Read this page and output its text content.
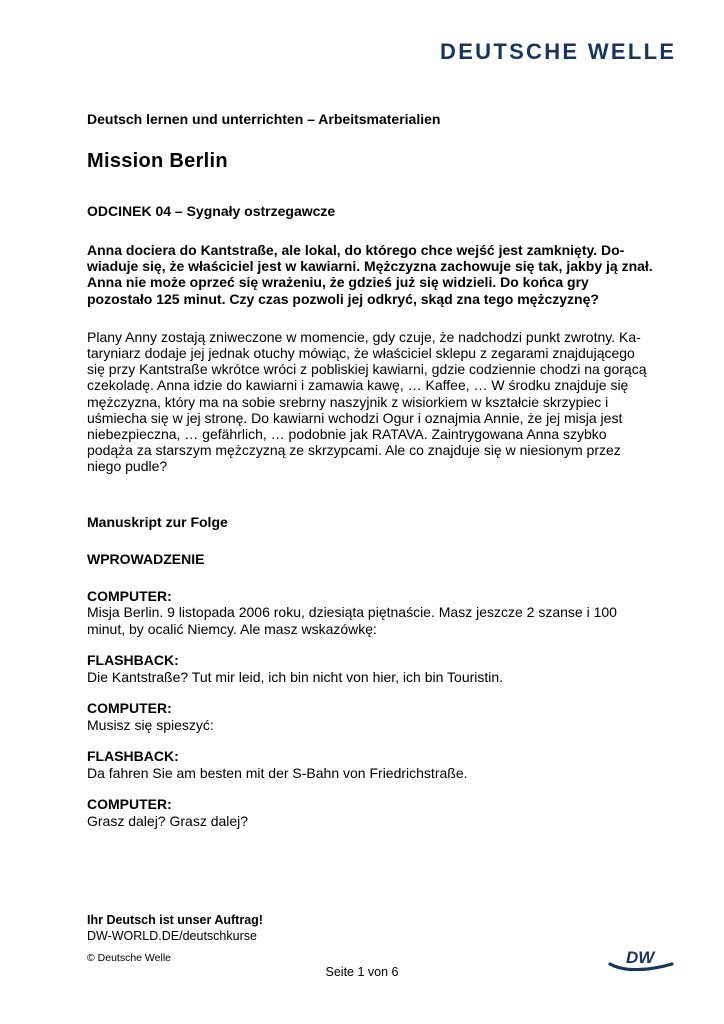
DEUTSCHE WELLE

Deutsch lernen und unterrichten – Arbeitsmaterialien

Mission Berlin

ODCINEK 04 – Sygnały ostrzegawcze

Anna dociera do Kantstraße, ale lokal, do którego chce wejść jest zamknięty. Do-wiaduje się, że właściciel jest w kawiarni. Mężczyzna zachowuje się tak, jakby ją znał. Anna nie może oprzeć się wrażeniu, że gdzieś już się widzieli. Do końca gry pozostało 125 minut. Czy czas pozwoli jej odkryć, skąd zna tego mężczyznę?

Plany Anny zostają zniweczone w momencie, gdy czuje, że nadchodzi punkt zwrotny. Ka-taryniarz dodaje jej jednak otuchy mówiąc, że właściciel sklepu z zegarami znajdującego się przy Kantstraße wkrótce wróci z pobliskiej kawiarni, gdzie codziennie chodzi na gorącą czekoladę. Anna idzie do kawiarni i zamawia kawę, … Kaffee, … W środku znajduje się mężczyzna, który ma na sobie srebrny naszyjnik z wisiorkiem w kształcie skrzypiec i uśmiecha się w jej stronę. Do kawiarni wchodzi Ogur i oznajmia Annie, że jej misja jest niebezpieczna, … gefährlich, … podobnie jak RATAVA. Zaintrygowana Anna szybko podąża za starszym mężczyzną ze skrzypcami. Ale co znajduje się w niesionym przez niego pudle?

Manuskript zur Folge

WPROWADZENIE

COMPUTER:

Misja Berlin. 9 listopada 2006 roku, dziesiąta piętnaście. Masz jeszcze 2 szanse i 100 minut, by ocalić Niemcy. Ale masz wskazówkę:

FLASHBACK:

Die Kantstraße? Tut mir leid, ich bin nicht von hier, ich bin Touristin.

COMPUTER:

Musisz się spieszyć:

FLASHBACK:

Da fahren Sie am besten mit der S-Bahn von Friedrichstraße.

COMPUTER:

Grasz dalej? Grasz dalej?

Ihr Deutsch ist unser Auftrag!

DW-WORLD.DE/deutschkurse

© Deutsche Welle
Seite 1 von 6
DW
